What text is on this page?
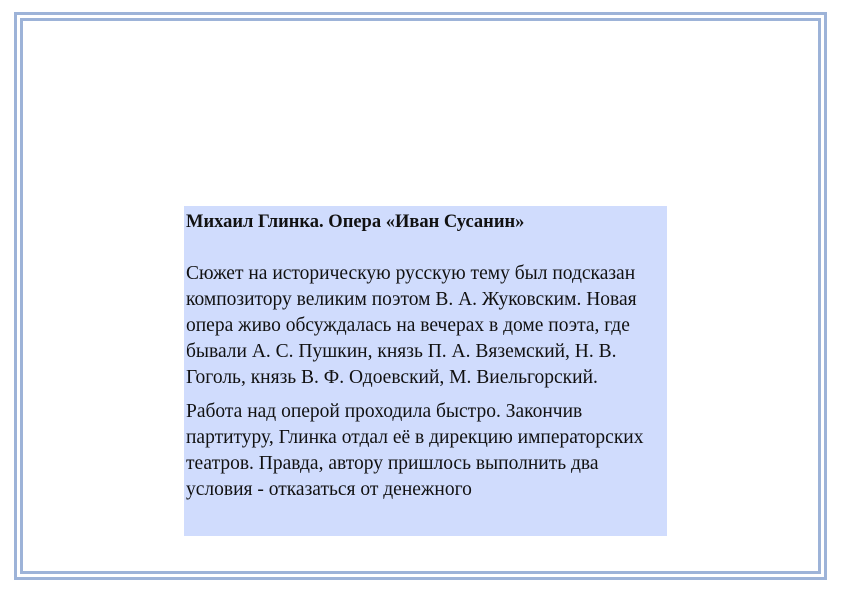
Михаил Глинка. Опера «Иван Сусанин»

Сюжет на историческую русскую тему был подсказан композитору великим поэтом В. А. Жуковским. Новая опера живо обсуждалась на вечерах в доме поэта, где бывали А. С. Пушкин, князь П. А. Вяземский, Н. В. Гоголь, князь В. Ф. Одоевский, М. Виельгорский.

Работа над оперой проходила быстро. Закончив партитуру, Глинка отдал её в дирекцию императорских театров. Правда, автору пришлось выполнить два условия - отказаться от денежного
